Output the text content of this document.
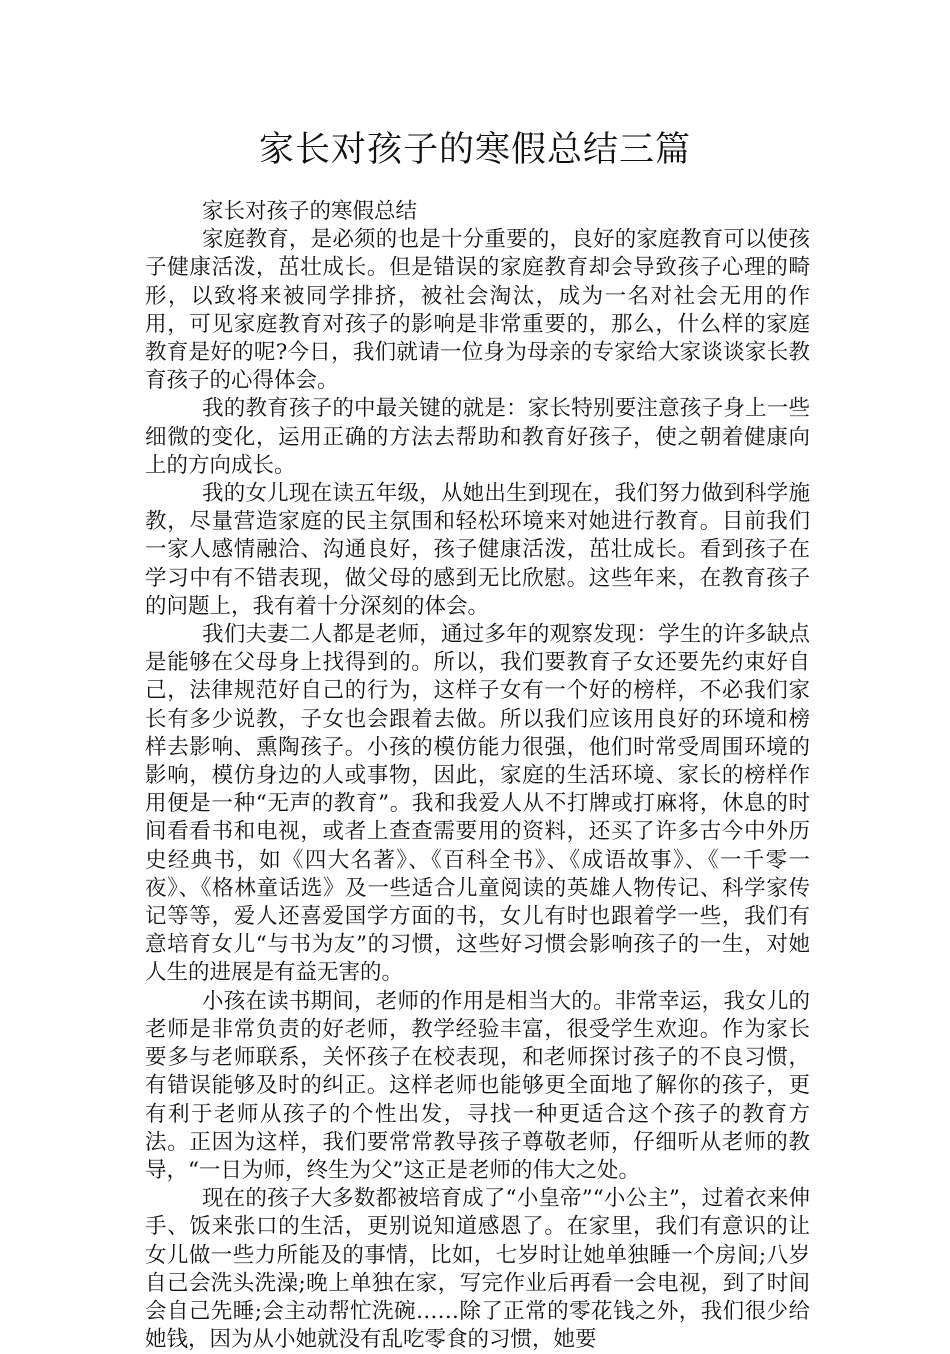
家长对孩子的寒假总结三篇

家长对孩子的寒假总结

家庭教育，是必须的也是十分重要的，良好的家庭教育可以使孩子健康活泼，茁壮成长。但是错误的家庭教育却会导致孩子心理的畸形，以致将来被同学排挤，被社会淘汰，成为一名对社会无用的作用，可见家庭教育对孩子的影响是非常重要的，那么，什么样的家庭教育是好的呢?今日，我们就请一位身为母亲的专家给大家谈谈家长教育孩子的心得体会。

我的教育孩子的中最关键的就是：家长特别要注意孩子身上一些细微的变化，运用正确的方法去帮助和教育好孩子，使之朝着健康向上的方向成长。

我的女儿现在读五年级，从她出生到现在，我们努力做到科学施教，尽量营造家庭的民主氛围和轻松环境来对她进行教育。目前我们一家人感情融洽、沟通良好，孩子健康活泼，茁壮成长。看到孩子在学习中有不错表现，做父母的感到无比欣慰。这些年来，在教育孩子的问题上，我有着十分深刻的体会。

我们夫妻二人都是老师，通过多年的观察发现：学生的许多缺点是能够在父母身上找得到的。所以，我们要教育子女还要先约束好自己，法律规范好自己的行为，这样子女有一个好的榜样，不必我们家长有多少说教，子女也会跟着去做。所以我们应该用良好的环境和榜样去影响、熏陶孩子。小孩的模仿能力很强，他们时常受周围环境的影响，模仿身边的人或事物，因此，家庭的生活环境、家长的榜样作用便是一种“无声的教育”。我和我爱人从不打牌或打麻将，休息的时间看看书和电视，或者上查查需要用的资料，还买了许多古今中外历史经典书，如《四大名著》、《百科全书》、《成语故事》、《一千零一夜》、《格林童话选》及一些适合儿童阅读的英雄人物传记、科学家传记等等，爱人还喜爱国学方面的书，女儿有时也跟着学一些，我们有意培育女儿“与书为友”的习惯，这些好习惯会影响孩子的一生，对她人生的进展是有益无害的。

小孩在读书期间，老师的作用是相当大的。非常幸运，我女儿的老师是非常负责的好老师，教学经验丰富，很受学生欢迎。作为家长要多与老师联系，关怀孩子在校表现，和老师探讨孩子的不良习惯，有错误能够及时的纠正。这样老师也能够更全面地了解你的孩子，更有利于老师从孩子的个性出发，寻找一种更适合这个孩子的教育方法。正因为这样，我们要常常教导孩子尊敬老师，仔细听从老师的教导，“一日为师，终生为父”这正是老师的伟大之处。

现在的孩子大多数都被培育成了“小皇帝”“小公主”，过着衣来伸手、饭来张口的生活，更别说知道感恩了。在家里，我们有意识的让女儿做一些力所能及的事情，比如，七岁时让她单独睡一个房间;八岁自己会洗头洗澡;晚上单独在家，写完作业后再看一会电视，到了时间会自己先睡;会主动帮忙洗碗……除了正常的零花钱之外，我们很少给她钱，因为从小她就没有乱吃零食的习惯，她要
